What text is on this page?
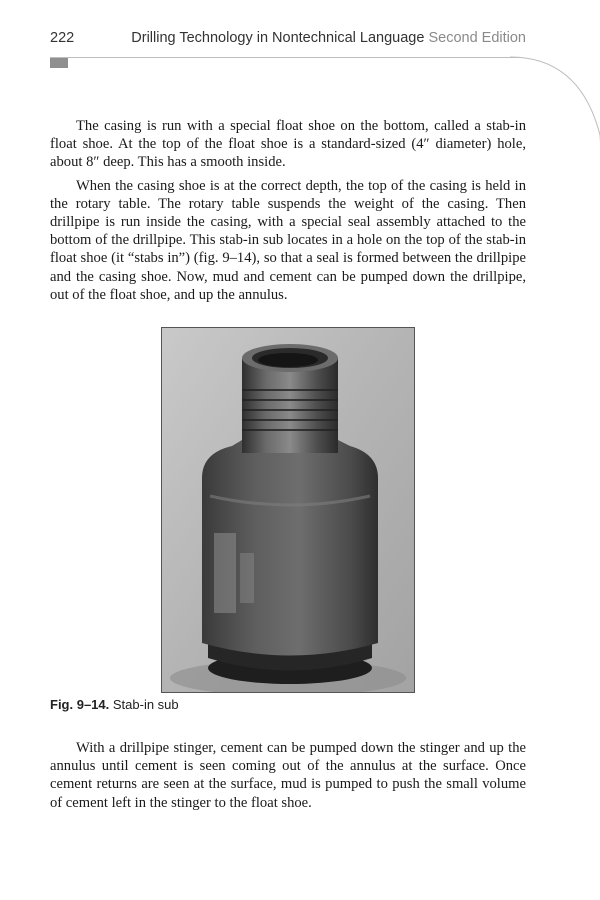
222	Drilling Technology in Nontechnical Language Second Edition

The casing is run with a special float shoe on the bottom, called a stab-in float shoe. At the top of the float shoe is a standard-sized (4″ diameter) hole, about 8″ deep. This has a smooth inside.

When the casing shoe is at the correct depth, the top of the casing is held in the rotary table. The rotary table suspends the weight of the casing. Then drillpipe is run inside the casing, with a special seal assembly attached to the bottom of the drillpipe. This stab-in sub locates in a hole on the top of the stab-in float shoe (it “stabs in”) (fig. 9–14), so that a seal is formed between the drillpipe and the casing shoe. Now, mud and cement can be pumped down the drillpipe, out of the float shoe, and up the annulus.

Fig. 9–14. Stab-in sub

With a drillpipe stinger, cement can be pumped down the stinger and up the annulus until cement is seen coming out of the annulus at the surface. Once cement returns are seen at the surface, mud is pumped to push the small volume of cement left in the stinger to the float shoe.
